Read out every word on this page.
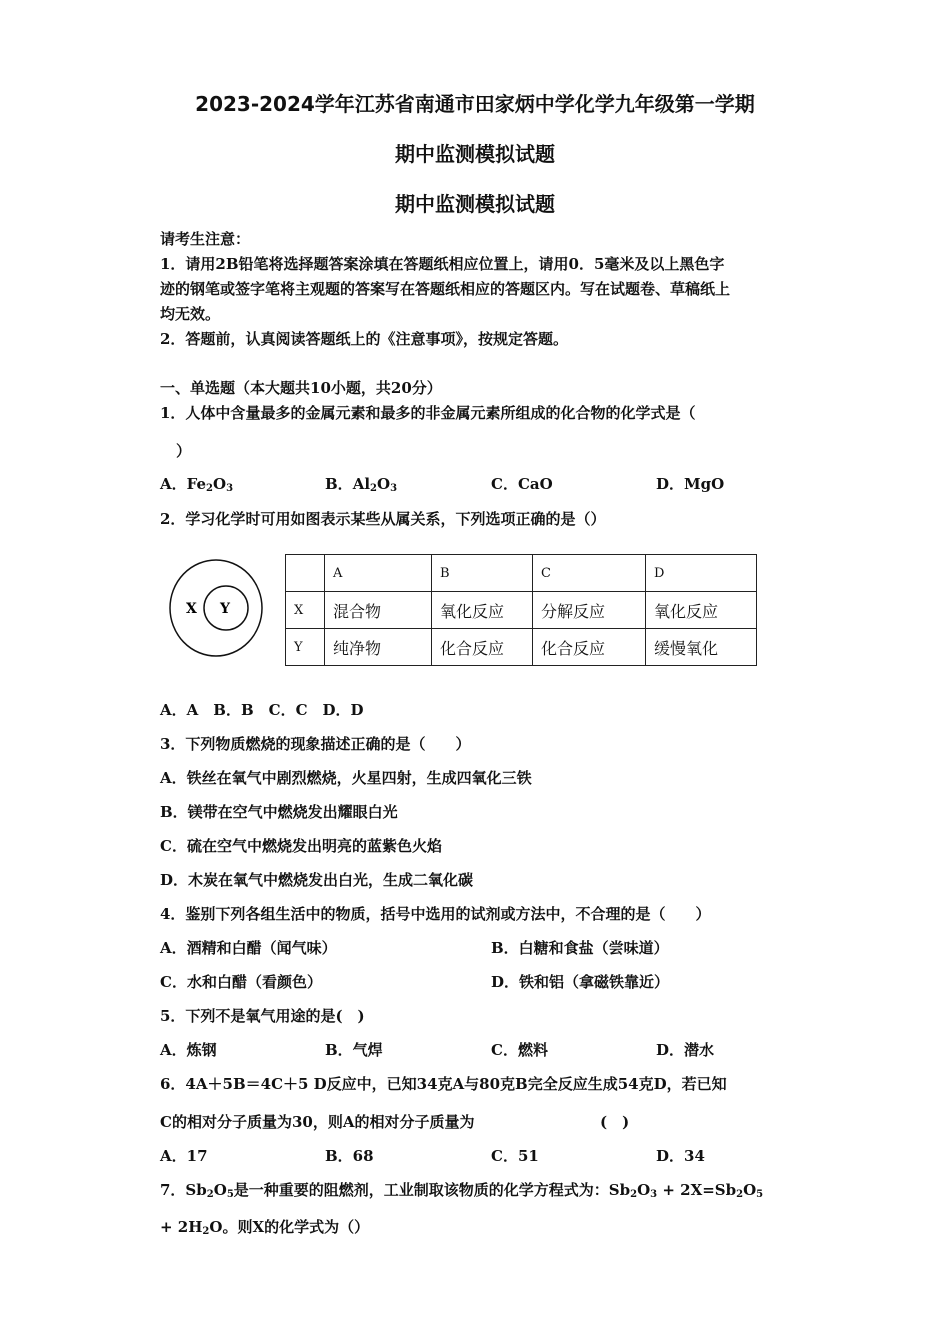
2023-2024学年江苏省南通市田家炳中学化学九年级第一学期
期中监测模拟试题
期中监测模拟试题
请考生注意：
1．请用2B铅笔将选择题答案涂填在答题纸相应位置上，请用0．5毫米及以上黑色字
迹的钢笔或签字笔将主观题的答案写在答题纸相应的答题区内。写在试题卷、草稿纸上
均无效。
2．答题前，认真阅读答题纸上的《注意事项》，按规定答题。
一、单选题（本大题共10小题，共20分）
1．人体中含量最多的金属元素和最多的非金属元素所组成的化合物的化学式是（
）
A．$Fe_2O_3$	B．$Al_2O_3$	C．CaO	D．MgO
2．学习化学时可用如图表示某些从属关系，下列选项正确的是（）
X Y
	A	B	C	D
X	混合物	氧化反应	分解反应	氧化反应
Y	纯净物	化合反应	化合反应	缓慢氧化
A．A　B．B　C．C　D．D
3．下列物质燃烧的现象描述正确的是（　　）
A．铁丝在氧气中剧烈燃烧，火星四射，生成四氧化三铁
B．镁带在空气中燃烧发出耀眼白光
C．硫在空气中燃烧发出明亮的蓝紫色火焰
D．木炭在氧气中燃烧发出白光，生成二氧化碳
4．鉴别下列各组生活中的物质，括号中选用的试剂或方法中，不合理的是（　　）
A．酒精和白醋（闻气味）	B．白糖和食盐（尝味道）
C．水和白醋（看颜色）	D．铁和铝（拿磁铁靠近）
5．下列不是氧气用途的是(　)
A．炼钢	B．气焊	C．燃料	D．潜水
6．4A＋5B＝4C＋5 D反应中，已知34克A与80克B完全反应生成54克D，若已知
C的相对分子质量为30，则A的相对分子质量为	(　)
A．17	B．68	C．51	D．34
7．$Sb_2O_5$是一种重要的阻燃剂，工业制取该物质的化学方程式为：$Sb_2O_3 + 2X=Sb_2O_5$
+ $2H_2O$。则X的化学式为（）
